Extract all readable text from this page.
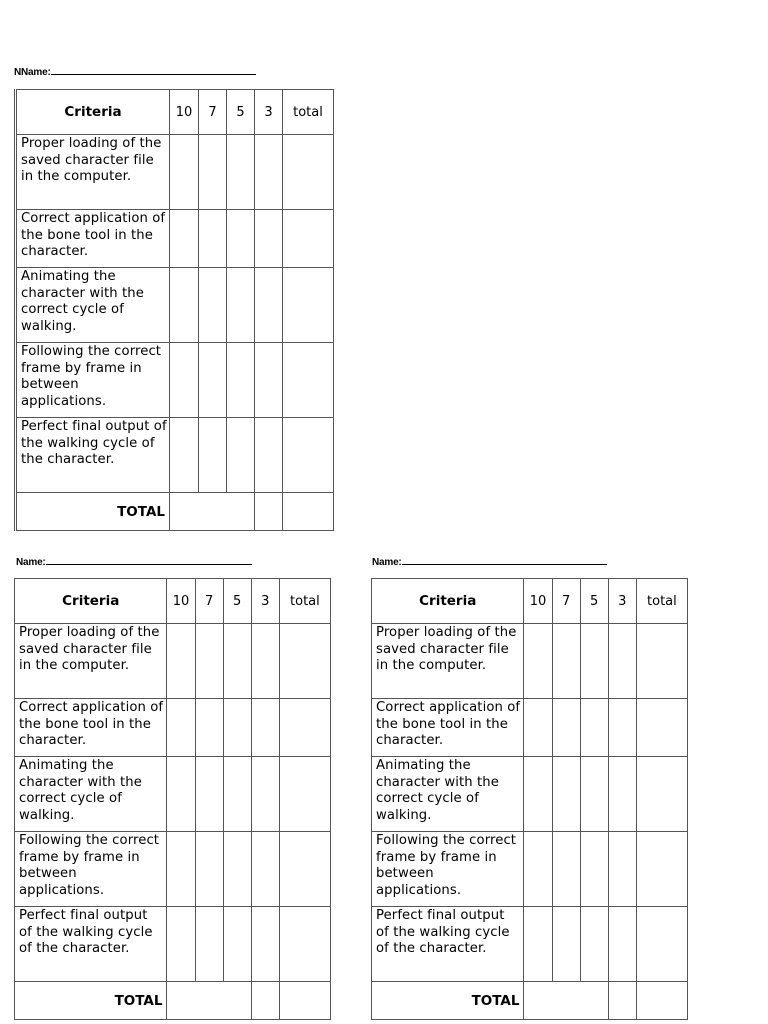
NName:
Criteria	10	7	5	3	total
Proper loading of the saved character file in the computer.					
Correct application of the bone tool in the character.					
Animating the character with the correct cycle of walking.					
Following the correct frame by frame in between applications.					
Perfect final output of the walking cycle of the character.					
TOTAL					
Name:
Criteria	10	7	5	3	total
Proper loading of the saved character file in the computer.					
Correct application of the bone tool in the character.					
Animating the character with the correct cycle of walking.					
Following the correct frame by frame in between applications.					
Perfect final output of the walking cycle of the character.					
TOTAL					
Name:
Criteria	10	7	5	3	total
Proper loading of the saved character file in the computer.					
Correct application of the bone tool in the character.					
Animating the character with the correct cycle of walking.					
Following the correct frame by frame in between applications.					
Perfect final output of the walking cycle of the character.					
TOTAL					
